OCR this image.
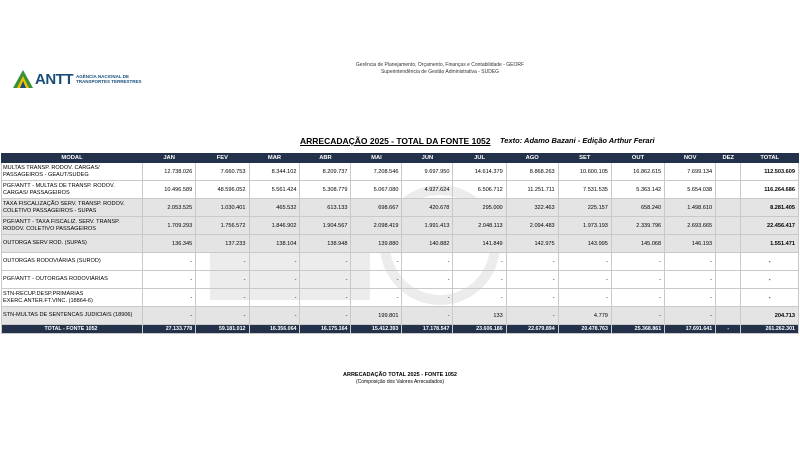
ANTT AGÊNCIA NACIONAL DE
TRANSPORTES TERRESTRES
Gerência de Planejamento, Orçamento, Finanças e Contabilidade - GEORF
Superintendência de Gestão Administrativa - SUDEG
ARRECADAÇÃO 2025 - TOTAL DA FONTE 1052 Texto: Adamo Bazani - Edição Arthur Ferari
MODAL	JAN	FEV	MAR	ABR	MAI	JUN	JUL	AGO	SET	OUT	NOV	DEZ	TOTAL
MULTAS TRANSP. RODOV. CARGAS/ PASSAGEIROS - GEAUT/SUDEG	12.738.026	7.660.753	8.344.102	8.209.737	7.208.546	9.697.950	14.614.379	8.868.263	10.600.105	16.862.615	7.699.134		112.503.609
PGF/ANTT - MULTAS DE TRANSP. RODOV. CARGAS/ PASSAGEIROS	10.496.589	48.596.052	5.561.424	5.308.779	5.067.080	4.927.624	6.506.712	11.251.711	7.531.535	5.363.142	5.654.038		116.264.686
TAXA FISCALIZAÇÃO SERV. TRANSP. RODOV. COLETIVO PASSAGEIROS - SUPAS	2.053.525	1.030.401	465.532	613.133	698.667	420.678	295.000	322.463	225.157	658.240	1.498.610		8.281.405
PGF/ANTT - TAXA FISCALIZ. SERV. TRANSP. RODOV. COLETIVO PASSAGEIROS	1.709.293	1.756.572	1.846.902	1.904.567	2.098.419	1.991.413	2.048.113	2.094.483	1.973.193	2.339.796	2.693.665		22.456.417
OUTORGA SERV ROD. (SUPAS)	136.345	137.233	138.104	138.948	139.880	140.882	141.849	142.975	143.995	145.068	146.193		1.551.471
OUTORGAS RODOVIÁRIAS (SUROD)	-	-	-	-	-	-	-	-	-	-	-		-
PGF/ANTT - OUTORGAS RODOVIÁRIAS	-	-	-	-	-	-	-	-	-	-	-		-
STN-RECUP.DESP.PRIMARIAS EXERC.ANTER.FT.VINC. (18864-6)	-	-	-	-	-	-	-	-	-	-	-		-
STN-MULTAS DE SENTENCAS JUDICIAIS (18906)	-	-	-	-	199.801	-	133	-	4.779	-	-		204.713
TOTAL - FONTE 1052	27.133.778	59.181.012	16.356.064	16.175.164	15.412.393	17.178.547	23.606.186	22.679.894	20.478.763	25.368.861	17.691.641	-	261.262.301
ARRECADAÇÃO TOTAL 2025 - FONTE 1052
(Composição dos Valores Arrecadados)
